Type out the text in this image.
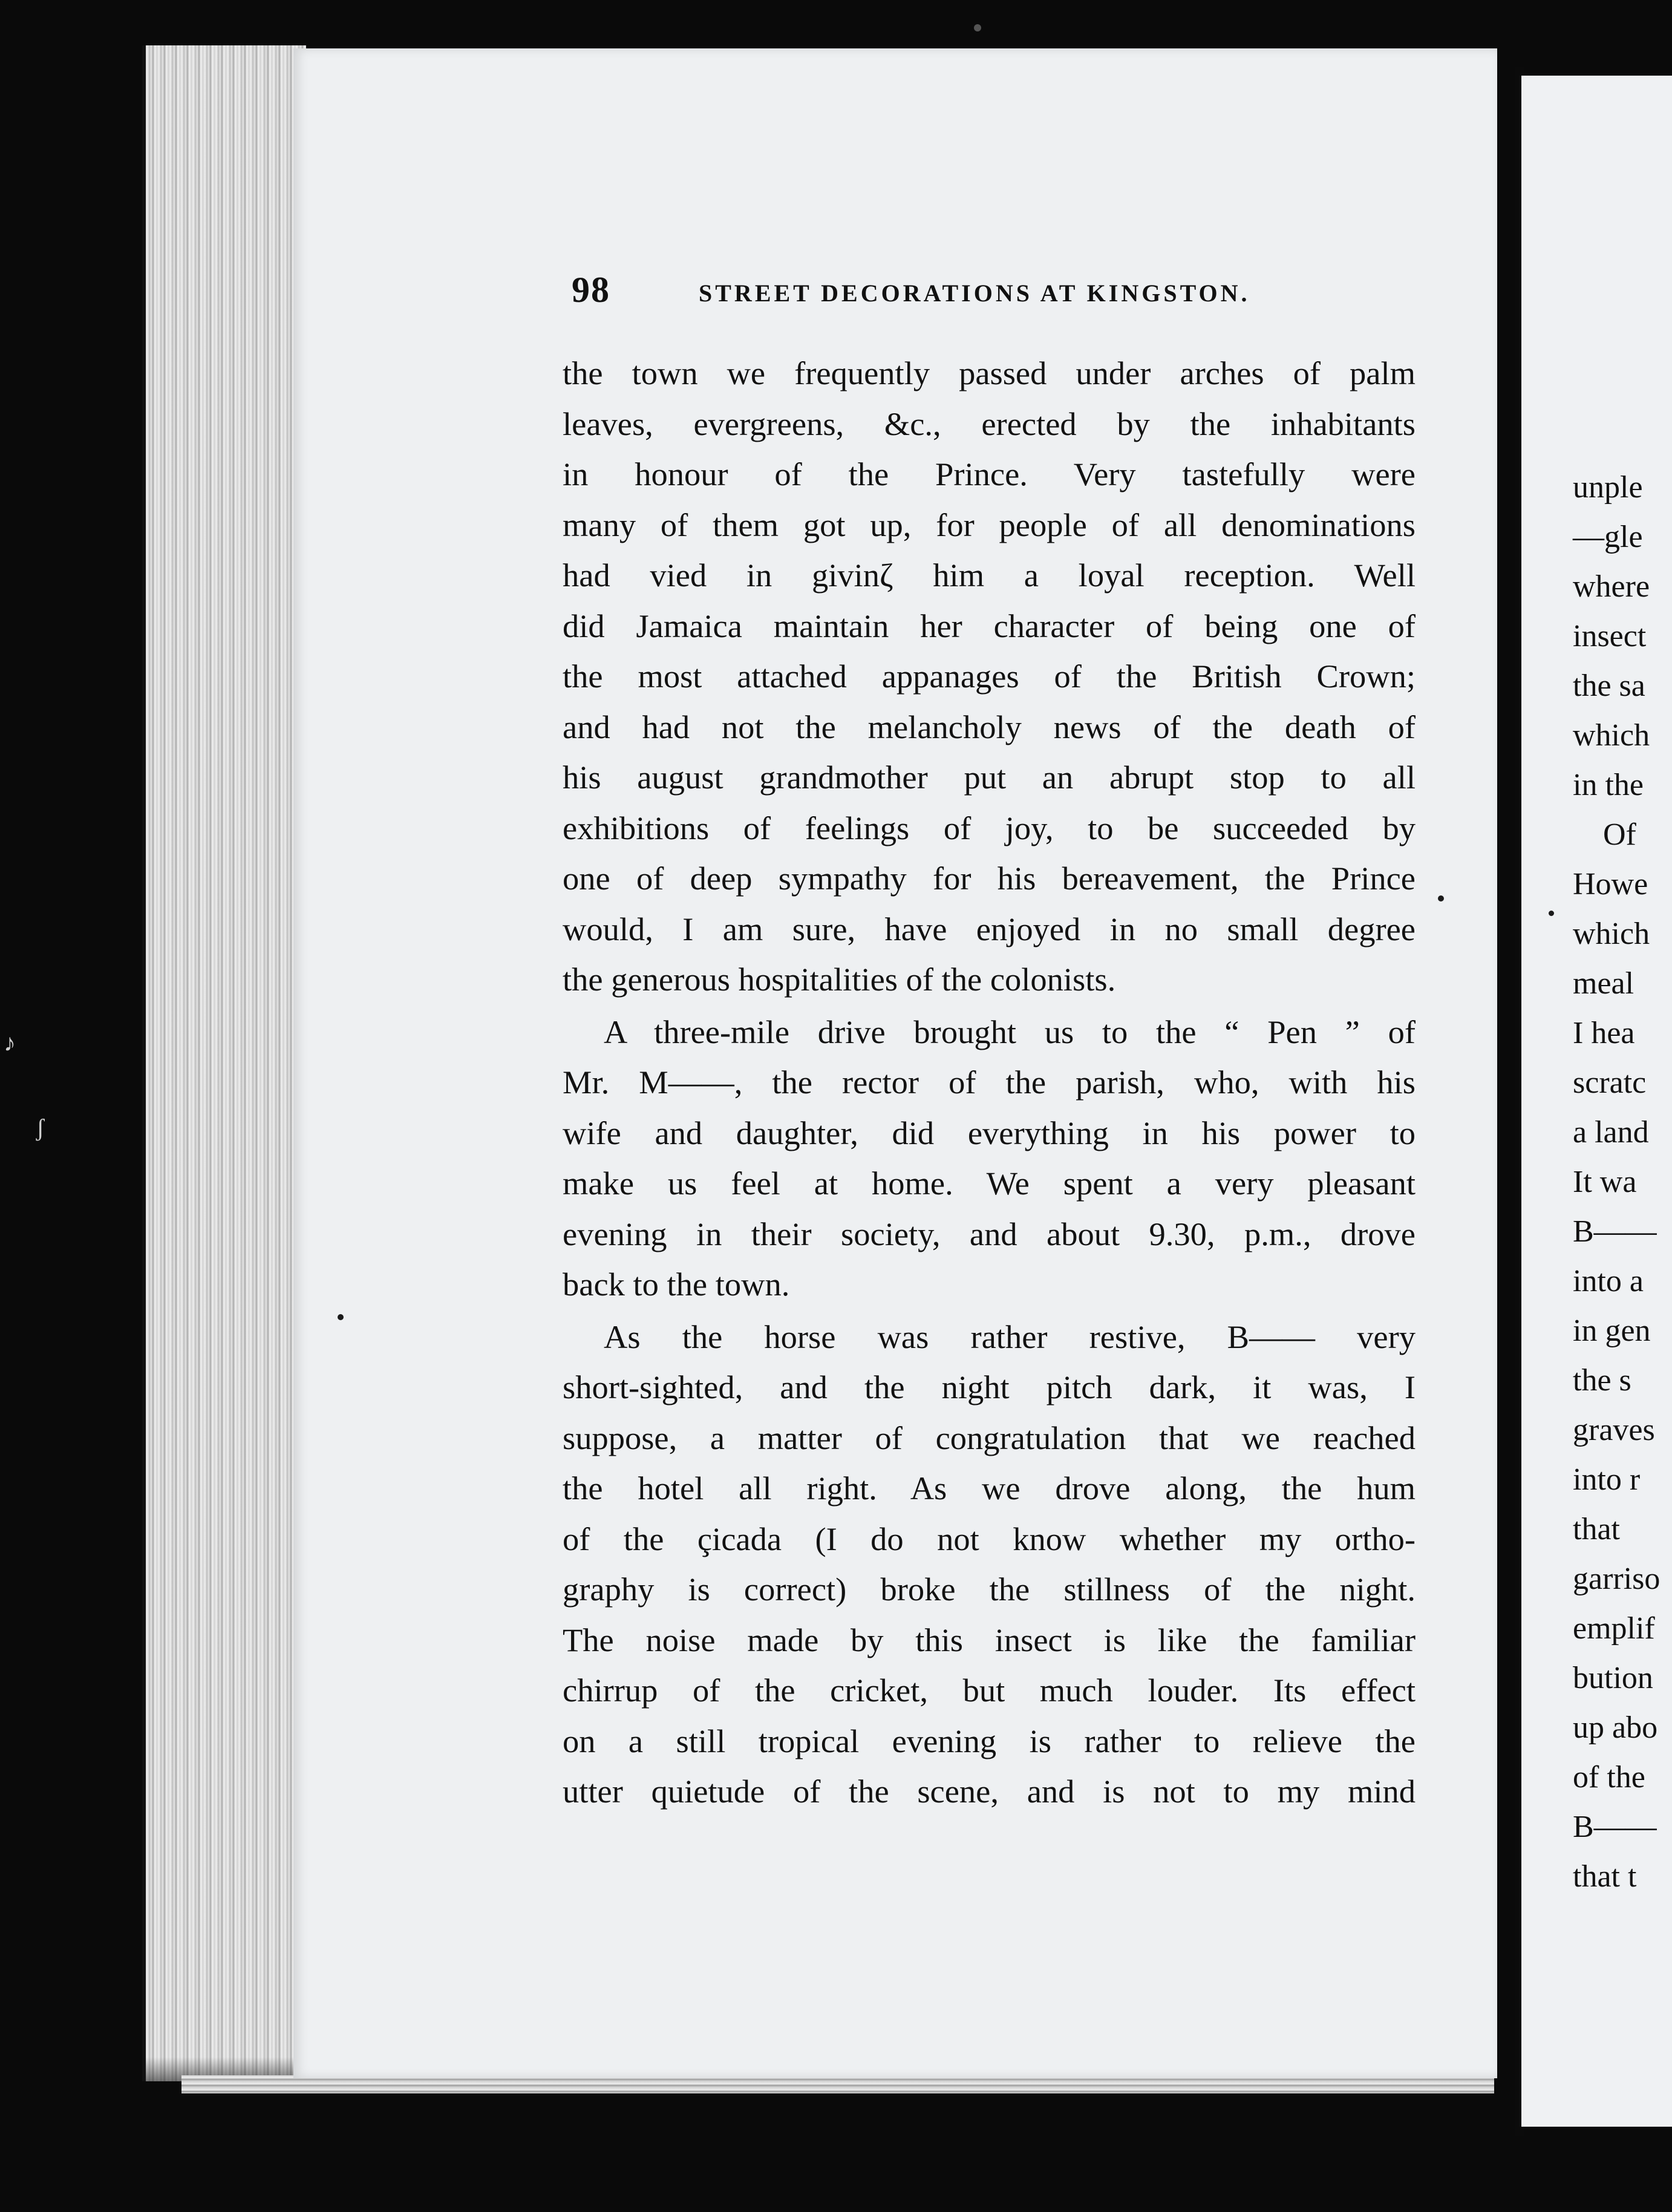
unple
—gle
where
insect
the sa
which
in the
Of
Howe
which
meal
I hea
scratc
a land
It wa
B——
into a
in gen
the s
graves
into r
that
garriso
emplif
bution
up abo
of the
B——
that t
98	STREET DECORATIONS AT KINGSTON.
the town we frequently passed under arches of palm
leaves, evergreens, &c., erected by the inhabitants
in honour of the Prince. Very tastefully were
many of them got up, for people of all denominations
had vied in givinζ him a loyal reception. Well
did Jamaica maintain her character of being one of
the most attached appanages of the British Crown;
and had not the melancholy news of the death of
his august grandmother put an abrupt stop to all
exhibitions of feelings of joy, to be succeeded by
one of deep sympathy for his bereavement, the Prince
would, I am sure, have enjoyed in no small degree
the generous hospitalities of the colonists.
A three-mile drive brought us to the “ Pen ” of
Mr. M——, the rector of the parish, who, with his
wife and daughter, did everything in his power to
make us feel at home. We spent a very pleasant
evening in their society, and about 9.30, p.m., drove
back to the town.
As the horse was rather restive, B—— very
short-sighted, and the night pitch dark, it was, I
suppose, a matter of congratulation that we reached
the hotel all right. As we drove along, the hum
of the çicada (I do not know whether my ortho-
graphy is correct) broke the stillness of the night.
The noise made by this insect is like the familiar
chirrup of the cricket, but much louder. Its effect
on a still tropical evening is rather to relieve the
utter quietude of the scene, and is not to my mind
♪
ʃ
